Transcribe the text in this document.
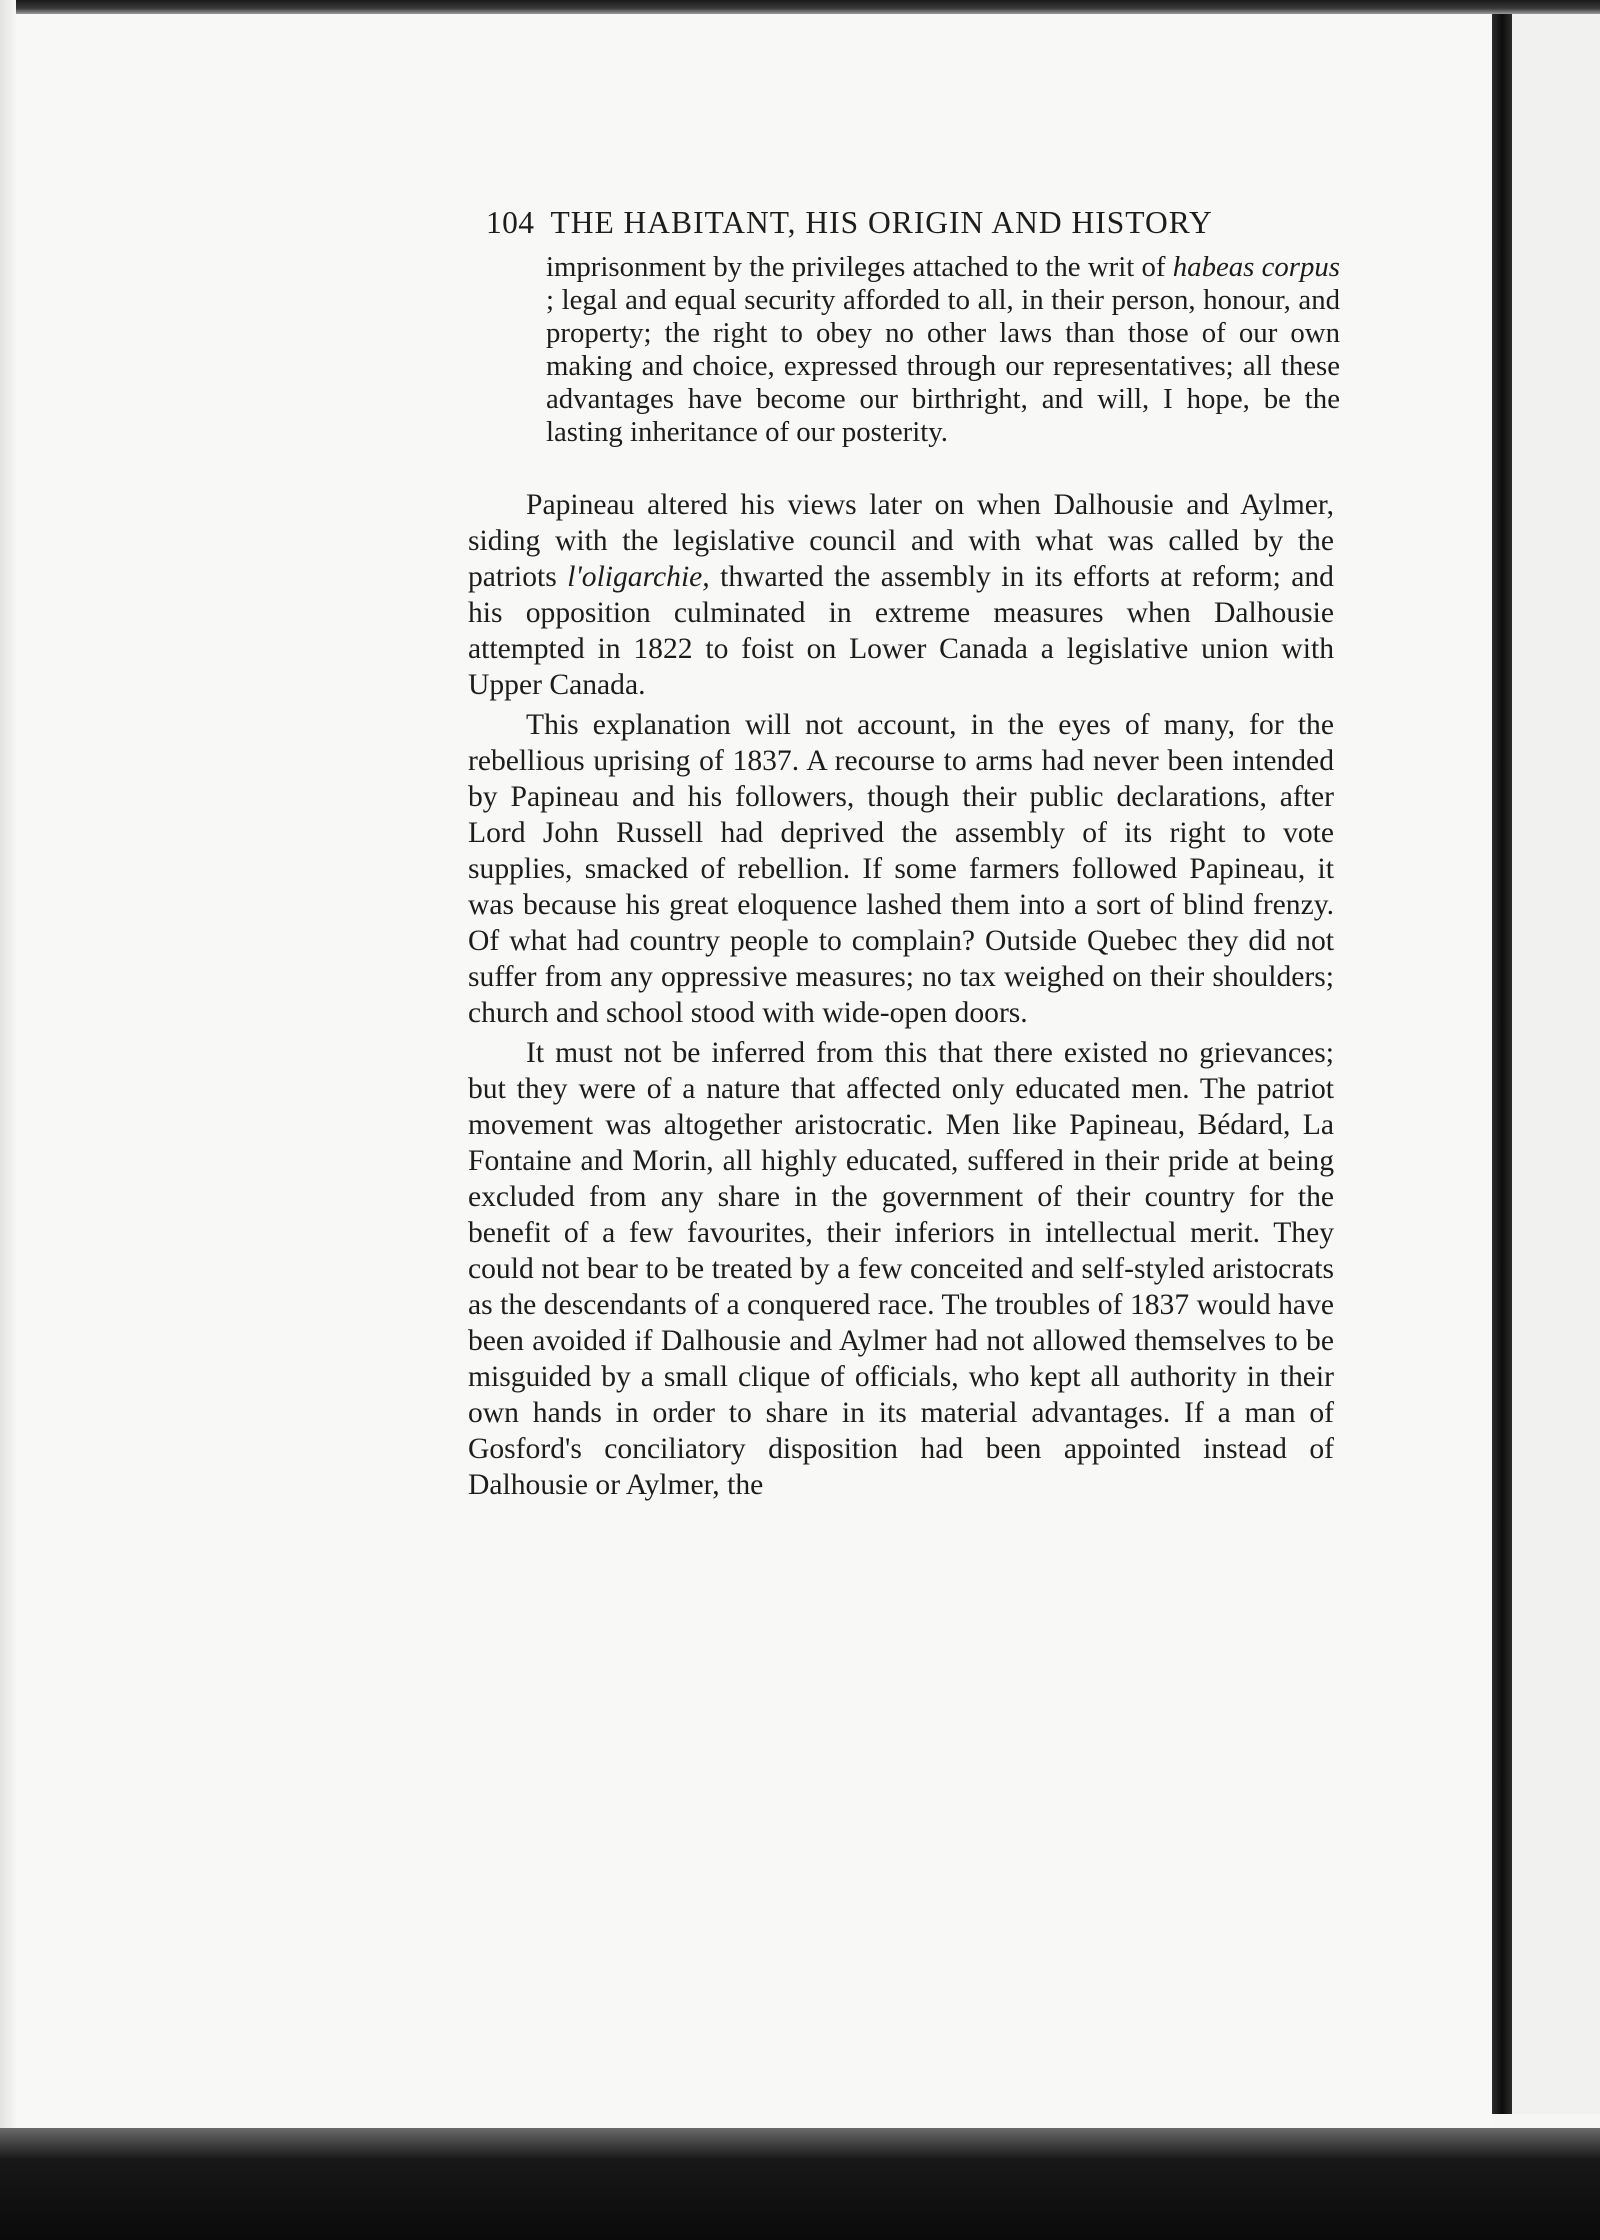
104 THE HABITANT, HIS ORIGIN AND HISTORY

imprisonment by the privileges attached to the writ of habeas corpus ; legal and equal security afforded to all, in their person, honour, and property; the right to obey no other laws than those of our own making and choice, expressed through our representatives; all these advantages have become our birthright, and will, I hope, be the lasting inheritance of our posterity.

Papineau altered his views later on when Dalhousie and Aylmer, siding with the legislative council and with what was called by the patriots l'oligarchie, thwarted the assembly in its efforts at reform; and his opposition culminated in extreme measures when Dalhousie attempted in 1822 to foist on Lower Canada a legislative union with Upper Canada.

This explanation will not account, in the eyes of many, for the rebellious uprising of 1837. A recourse to arms had never been intended by Papineau and his followers, though their public declarations, after Lord John Russell had deprived the assembly of its right to vote supplies, smacked of rebellion. If some farmers followed Papineau, it was because his great eloquence lashed them into a sort of blind frenzy. Of what had country people to complain? Outside Quebec they did not suffer from any oppressive measures; no tax weighed on their shoulders; church and school stood with wide-open doors.

It must not be inferred from this that there existed no grievances; but they were of a nature that affected only educated men. The patriot movement was altogether aristocratic. Men like Papineau, Bédard, La Fontaine and Morin, all highly educated, suffered in their pride at being excluded from any share in the government of their country for the benefit of a few favourites, their inferiors in intellectual merit. They could not bear to be treated by a few conceited and self-styled aristocrats as the descendants of a conquered race. The troubles of 1837 would have been avoided if Dalhousie and Aylmer had not allowed themselves to be misguided by a small clique of officials, who kept all authority in their own hands in order to share in its material advantages. If a man of Gosford's conciliatory disposition had been appointed instead of Dalhousie or Aylmer, the
